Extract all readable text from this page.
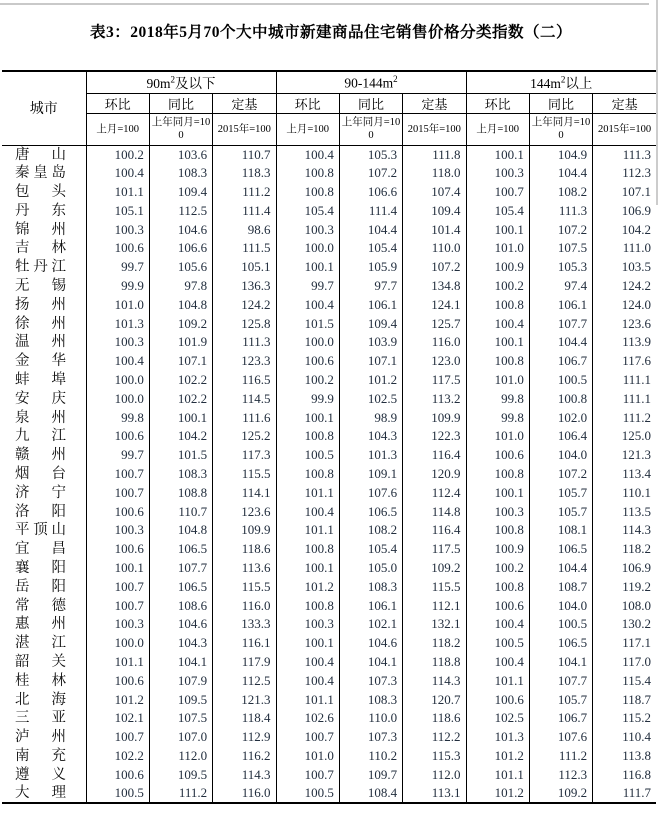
表3：2018年5月70个大中城市新建商品住宅销售价格分类指数（二）
城市	$90m^2$及以下			$90-144m^2$			$144m^2$以上		
	环比	同比	定基	环比	同比	定基	环比	同比	定基
	上月=100	上年同月=100	2015年=100	上月=100	上年同月=100	2015年=100	上月=100	上年同月=100	2015年=100
唐山	100.2	103.6	110.7	100.4	105.3	111.8	100.1	104.9	111.3
秦皇岛	100.4	108.3	118.3	100.8	107.2	118.0	100.3	104.4	112.3
包头	101.1	109.4	111.2	100.8	106.6	107.4	100.7	108.2	107.1
丹东	105.1	112.5	111.4	105.4	111.4	109.4	105.4	111.3	106.9
锦州	100.3	104.6	98.6	100.3	104.4	101.4	100.1	107.2	104.2
吉林	100.6	106.6	111.5	100.0	105.4	110.0	101.0	107.5	111.0
牡丹江	99.7	105.6	105.1	100.1	105.9	107.2	100.9	105.3	103.5
无锡	99.9	97.8	136.3	99.7	97.7	134.8	100.2	97.4	124.2
扬州	101.0	104.8	124.2	100.4	106.1	124.1	100.8	106.1	124.0
徐州	101.3	109.2	125.8	101.5	109.4	125.7	100.4	107.7	123.6
温州	100.3	101.9	111.3	100.0	103.9	116.0	100.1	104.4	113.9
金华	100.4	107.1	123.3	100.6	107.1	123.0	100.8	106.7	117.6
蚌埠	100.0	102.2	116.5	100.2	101.2	117.5	101.0	100.5	111.1
安庆	100.0	102.2	114.5	99.9	102.5	113.2	99.8	100.8	111.1
泉州	99.8	100.1	111.6	100.1	98.9	109.9	99.8	102.0	111.2
九江	100.6	104.2	125.2	100.8	104.3	122.3	101.0	106.4	125.0
赣州	99.7	101.5	117.3	100.5	101.3	116.4	100.6	104.0	121.3
烟台	100.7	108.3	115.5	100.8	109.1	120.9	100.8	107.2	113.4
济宁	100.7	108.8	114.1	101.1	107.6	112.4	100.1	105.7	110.1
洛阳	100.6	110.7	123.6	100.4	106.5	114.8	100.3	105.7	113.5
平顶山	100.3	104.8	109.9	101.1	108.2	116.4	100.8	108.1	114.3
宜昌	100.6	106.5	118.6	100.8	105.4	117.5	100.9	106.5	118.2
襄阳	100.1	107.7	113.6	100.1	105.0	109.2	100.2	104.4	106.9
岳阳	100.7	106.5	115.5	101.2	108.3	115.5	100.8	108.7	119.2
常德	100.7	108.6	116.0	100.8	106.1	112.1	100.6	104.0	108.0
惠州	100.3	104.6	133.3	100.3	102.1	132.1	100.4	100.5	130.2
湛江	100.0	104.3	116.1	100.1	104.6	118.2	100.5	106.5	117.1
韶关	101.1	104.1	117.9	100.4	104.1	118.8	100.4	104.1	117.0
桂林	100.6	107.9	112.5	100.4	107.3	114.3	101.1	107.7	115.4
北海	101.2	109.5	121.3	101.1	108.3	120.7	100.6	105.7	118.7
三亚	102.1	107.5	118.4	102.6	110.0	118.6	102.5	106.7	115.2
泸州	100.7	107.0	112.9	100.7	107.3	112.2	101.3	107.6	110.4
南充	102.2	112.0	116.2	101.0	110.2	115.3	101.2	111.2	113.8
遵义	100.6	109.5	114.3	100.7	109.7	112.0	101.1	112.3	116.8
大理	100.5	111.2	116.0	100.5	108.4	113.1	101.2	109.2	111.7
